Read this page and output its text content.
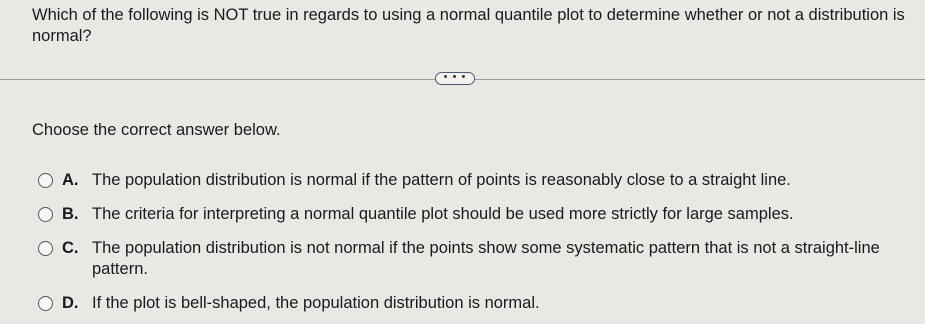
Which of the following is NOT true in regards to using a normal quantile plot to determine whether or not a distribution is normal?
• • •
Choose the correct answer below.
A. The population distribution is normal if the pattern of points is reasonably close to a straight line.
B. The criteria for interpreting a normal quantile plot should be used more strictly for large samples.
C. The population distribution is not normal if the points show some systematic pattern that is not a straight-line pattern.
D. If the plot is bell-shaped, the population distribution is normal.
